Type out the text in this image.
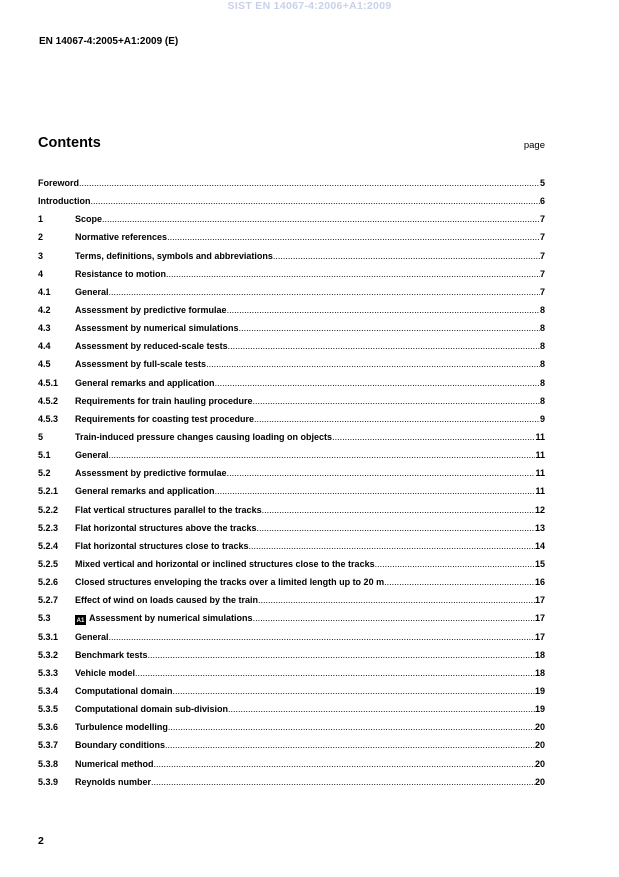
SIST EN 14067-4:2006+A1:2009
EN 14067-4:2005+A1:2009 (E)
Contents	page
Foreword .....	5
Introduction .....	6
1	Scope .....	7
2	Normative references .....	7
3	Terms, definitions, symbols and abbreviations .....	7
4	Resistance to motion .....	7
4.1	General .....	7
4.2	Assessment by predictive formulae .....	8
4.3	Assessment by numerical simulations .....	8
4.4	Assessment by reduced-scale tests .....	8
4.5	Assessment by full-scale tests .....	8
4.5.1	General remarks and application .....	8
4.5.2	Requirements for train hauling procedure .....	8
4.5.3	Requirements for coasting test procedure .....	9
5	Train-induced pressure changes causing loading on objects .....	11
5.1	General .....	11
5.2	Assessment by predictive formulae .....	11
5.2.1	General remarks and application .....	11
5.2.2	Flat vertical structures parallel to the tracks .....	12
5.2.3	Flat horizontal structures above the tracks .....	13
5.2.4	Flat horizontal structures close to tracks .....	14
5.2.5	Mixed vertical and horizontal or inclined structures close to the tracks .....	15
5.2.6	Closed structures enveloping the tracks over a limited length up to 20 m .....	16
5.2.7	Effect of wind on loads caused by the train .....	17
5.3	A1 Assessment by numerical simulations .....	17
5.3.1	General .....	17
5.3.2	Benchmark tests .....	18
5.3.3	Vehicle model .....	18
5.3.4	Computational domain .....	19
5.3.5	Computational domain sub-division .....	19
5.3.6	Turbulence modelling .....	20
5.3.7	Boundary conditions .....	20
5.3.8	Numerical method .....	20
5.3.9	Reynolds number .....	20
2
